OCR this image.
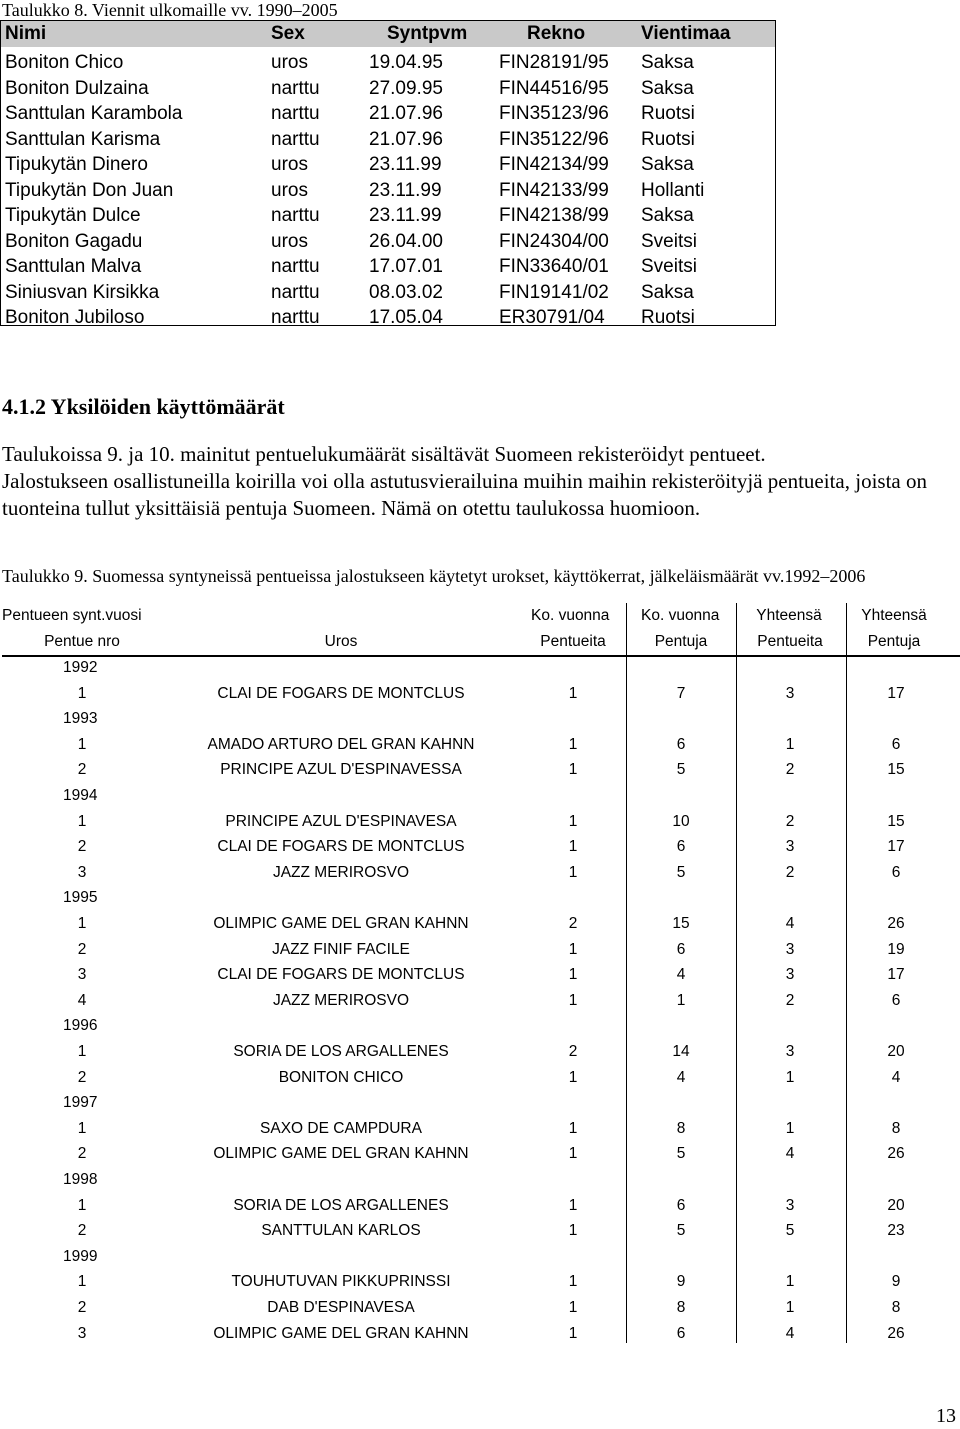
Taulukko 8. Viennit ulkomaille vv. 1990–2005
Nimi	Sex	Syntpvm	Rekno	Vientimaa
Boniton Chico	uros	19.04.95	FIN28191/95 Saksa
Boniton Dulzaina	narttu	27.09.95	FIN44516/95 Saksa
Santtulan Karambola	narttu	21.07.96	FIN35123/96 Ruotsi
Santtulan Karisma	narttu	21.07.96	FIN35122/96 Ruotsi
Tipukytän Dinero	uros	23.11.99	FIN42134/99 Saksa
Tipukytän Don Juan	uros	23.11.99	FIN42133/99 Hollanti
Tipukytän Dulce	narttu	23.11.99	FIN42138/99 Saksa
Boniton Gagadu	uros	26.04.00	FIN24304/00 Sveitsi
Santtulan Malva	narttu	17.07.01	FIN33640/01 Sveitsi
Siniusvan Kirsikka	narttu	08.03.02	FIN19141/02 Saksa
Boniton Jubiloso	narttu	17.05.04	ER30791/04 Ruotsi
4.1.2 Yksilöiden käyttömäärät
Taulukoissa 9. ja 10. mainitut pentuelukumäärät sisältävät Suomeen rekisteröidyt pentueet.
Jalostukseen osallistuneilla koirilla voi olla astutusvierailuina muihin maihin rekisteröityjä pentueita, joista on tuonteina tullut yksittäisiä pentuja Suomeen. Nämä on otettu taulukossa huomioon.
Taulukko 9. Suomessa syntyneissä pentueissa jalostukseen käytetyt urokset, käyttökerrat, jälkeläismäärät vv.1992–2006
Pentueen synt.vuosi	Ko. vuonna Ko. vuonna	Yhteensä	Yhteensä
Pentue nro	Uros	Pentueita	Pentuja	Pentueita	Pentuja
1992
1	CLAI DE FOGARS DE MONTCLUS	1	7	3	17
1993
1	AMADO ARTURO DEL GRAN KAHNN	1	6	1	6
2	PRINCIPE AZUL D'ESPINAVESSA	1	5	2	15
1994
1	PRINCIPE AZUL D'ESPINAVESA	1	10	2	15
2	CLAI DE FOGARS DE MONTCLUS	1	6	3	17
3	JAZZ MERIROSVO	1	5	2	6
1995
1	OLIMPIC GAME DEL GRAN KAHNN	2	15	4	26
2	JAZZ FINIF FACILE	1	6	3	19
3	CLAI DE FOGARS DE MONTCLUS	1	4	3	17
4	JAZZ MERIROSVO	1	1	2	6
1996
1	SORIA DE LOS ARGALLENES	2	14	3	20
2	BONITON CHICO	1	4	1	4
1997
1	SAXO DE CAMPDURA	1	8	1	8
2	OLIMPIC GAME DEL GRAN KAHNN	1	5	4	26
1998
1	SORIA DE LOS ARGALLENES	1	6	3	20
2	SANTTULAN KARLOS	1	5	5	23
1999
1	TOUHUTUVAN PIKKUPRINSSI	1	9	1	9
2	DAB D'ESPINAVESA	1	8	1	8
3	OLIMPIC GAME DEL GRAN KAHNN	1	6	4	26
13
